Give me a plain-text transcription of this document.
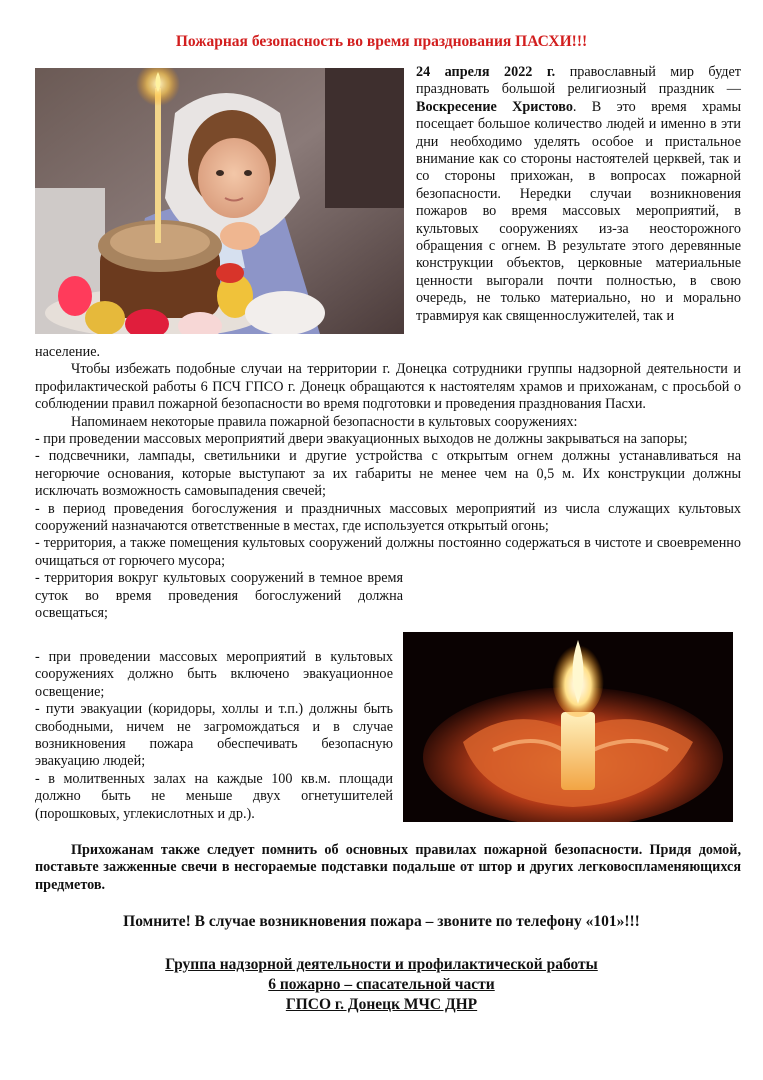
Пожарная безопасность во время празднования ПАСХИ!!!
24 апреля 2022 г. православный мир будет праздновать большой религиозный праздник — Воскресение Христово. В это время храмы посещает большое количество людей и именно в эти дни необходимо уделять особое и пристальное внимание как со стороны настоятелей церквей, так и со стороны прихожан, в вопросах пожарной безопасности. Нередки случаи возникновения пожаров во время массовых мероприятий, в культовых сооружениях из-за неосторожного обращения с огнем. В результате этого деревянные конструкции объектов, церковные материальные ценности выгорали почти полностью, в свою очередь, не только материально, но и морально травмируя как священнослужителей, так и

население.

Чтобы избежать подобные случаи на территории г. Донецка сотрудники группы надзорной деятельности и профилактической работы 6 ПСЧ ГПСО г. Донецк обращаются к настоятелям храмов и прихожанам, с просьбой о соблюдении правил пожарной безопасности во время подготовки и проведения празднования Пасхи.

Напоминаем некоторые правила пожарной безопасности в культовых сооружениях:

- при проведении массовых мероприятий двери эвакуационных выходов не должны закрываться на запоры;

- подсвечники, лампады, светильники и другие устройства с открытым огнем должны устанавливаться на негорючие основания, которые выступают за их габариты не менее чем на 0,5 м. Их конструкции должны исключать возможность самовыпадения свечей;

- в период проведения богослужения и праздничных массовых мероприятий из числа служащих культовых сооружений назначаются ответственные в местах, где используется открытый огонь;

- территория, а также помещения культовых сооружений должны постоянно содержаться в чистоте и своевременно очищаться от горючего мусора;

- территория вокруг культовых сооружений в темное время суток во время проведения богослужений должна освещаться;

- при проведении массовых мероприятий в культовых сооружениях должно быть включено эвакуационное освещение;

- пути эвакуации (коридоры, холлы и т.п.) должны быть свободными, ничем не загромождаться и в случае возникновения пожара обеспечивать безопасную эвакуацию людей;

- в молитвенных залах на каждые 100 кв.м. площади должно быть не меньше двух огнетушителей (порошковых, углекислотных и др.).

Прихожанам также следует помнить об основных правилах пожарной безопасности. Придя домой, поставьте зажженные свечи в несгораемые подставки подальше от штор и других легковоспламеняющихся предметов.

Помните! В случае возникновения пожара – звоните по телефону «101»!!!
Группа надзорной деятельности и профилактической работы
6 пожарно – спасательной части
ГПСО г. Донецк МЧС ДНР
